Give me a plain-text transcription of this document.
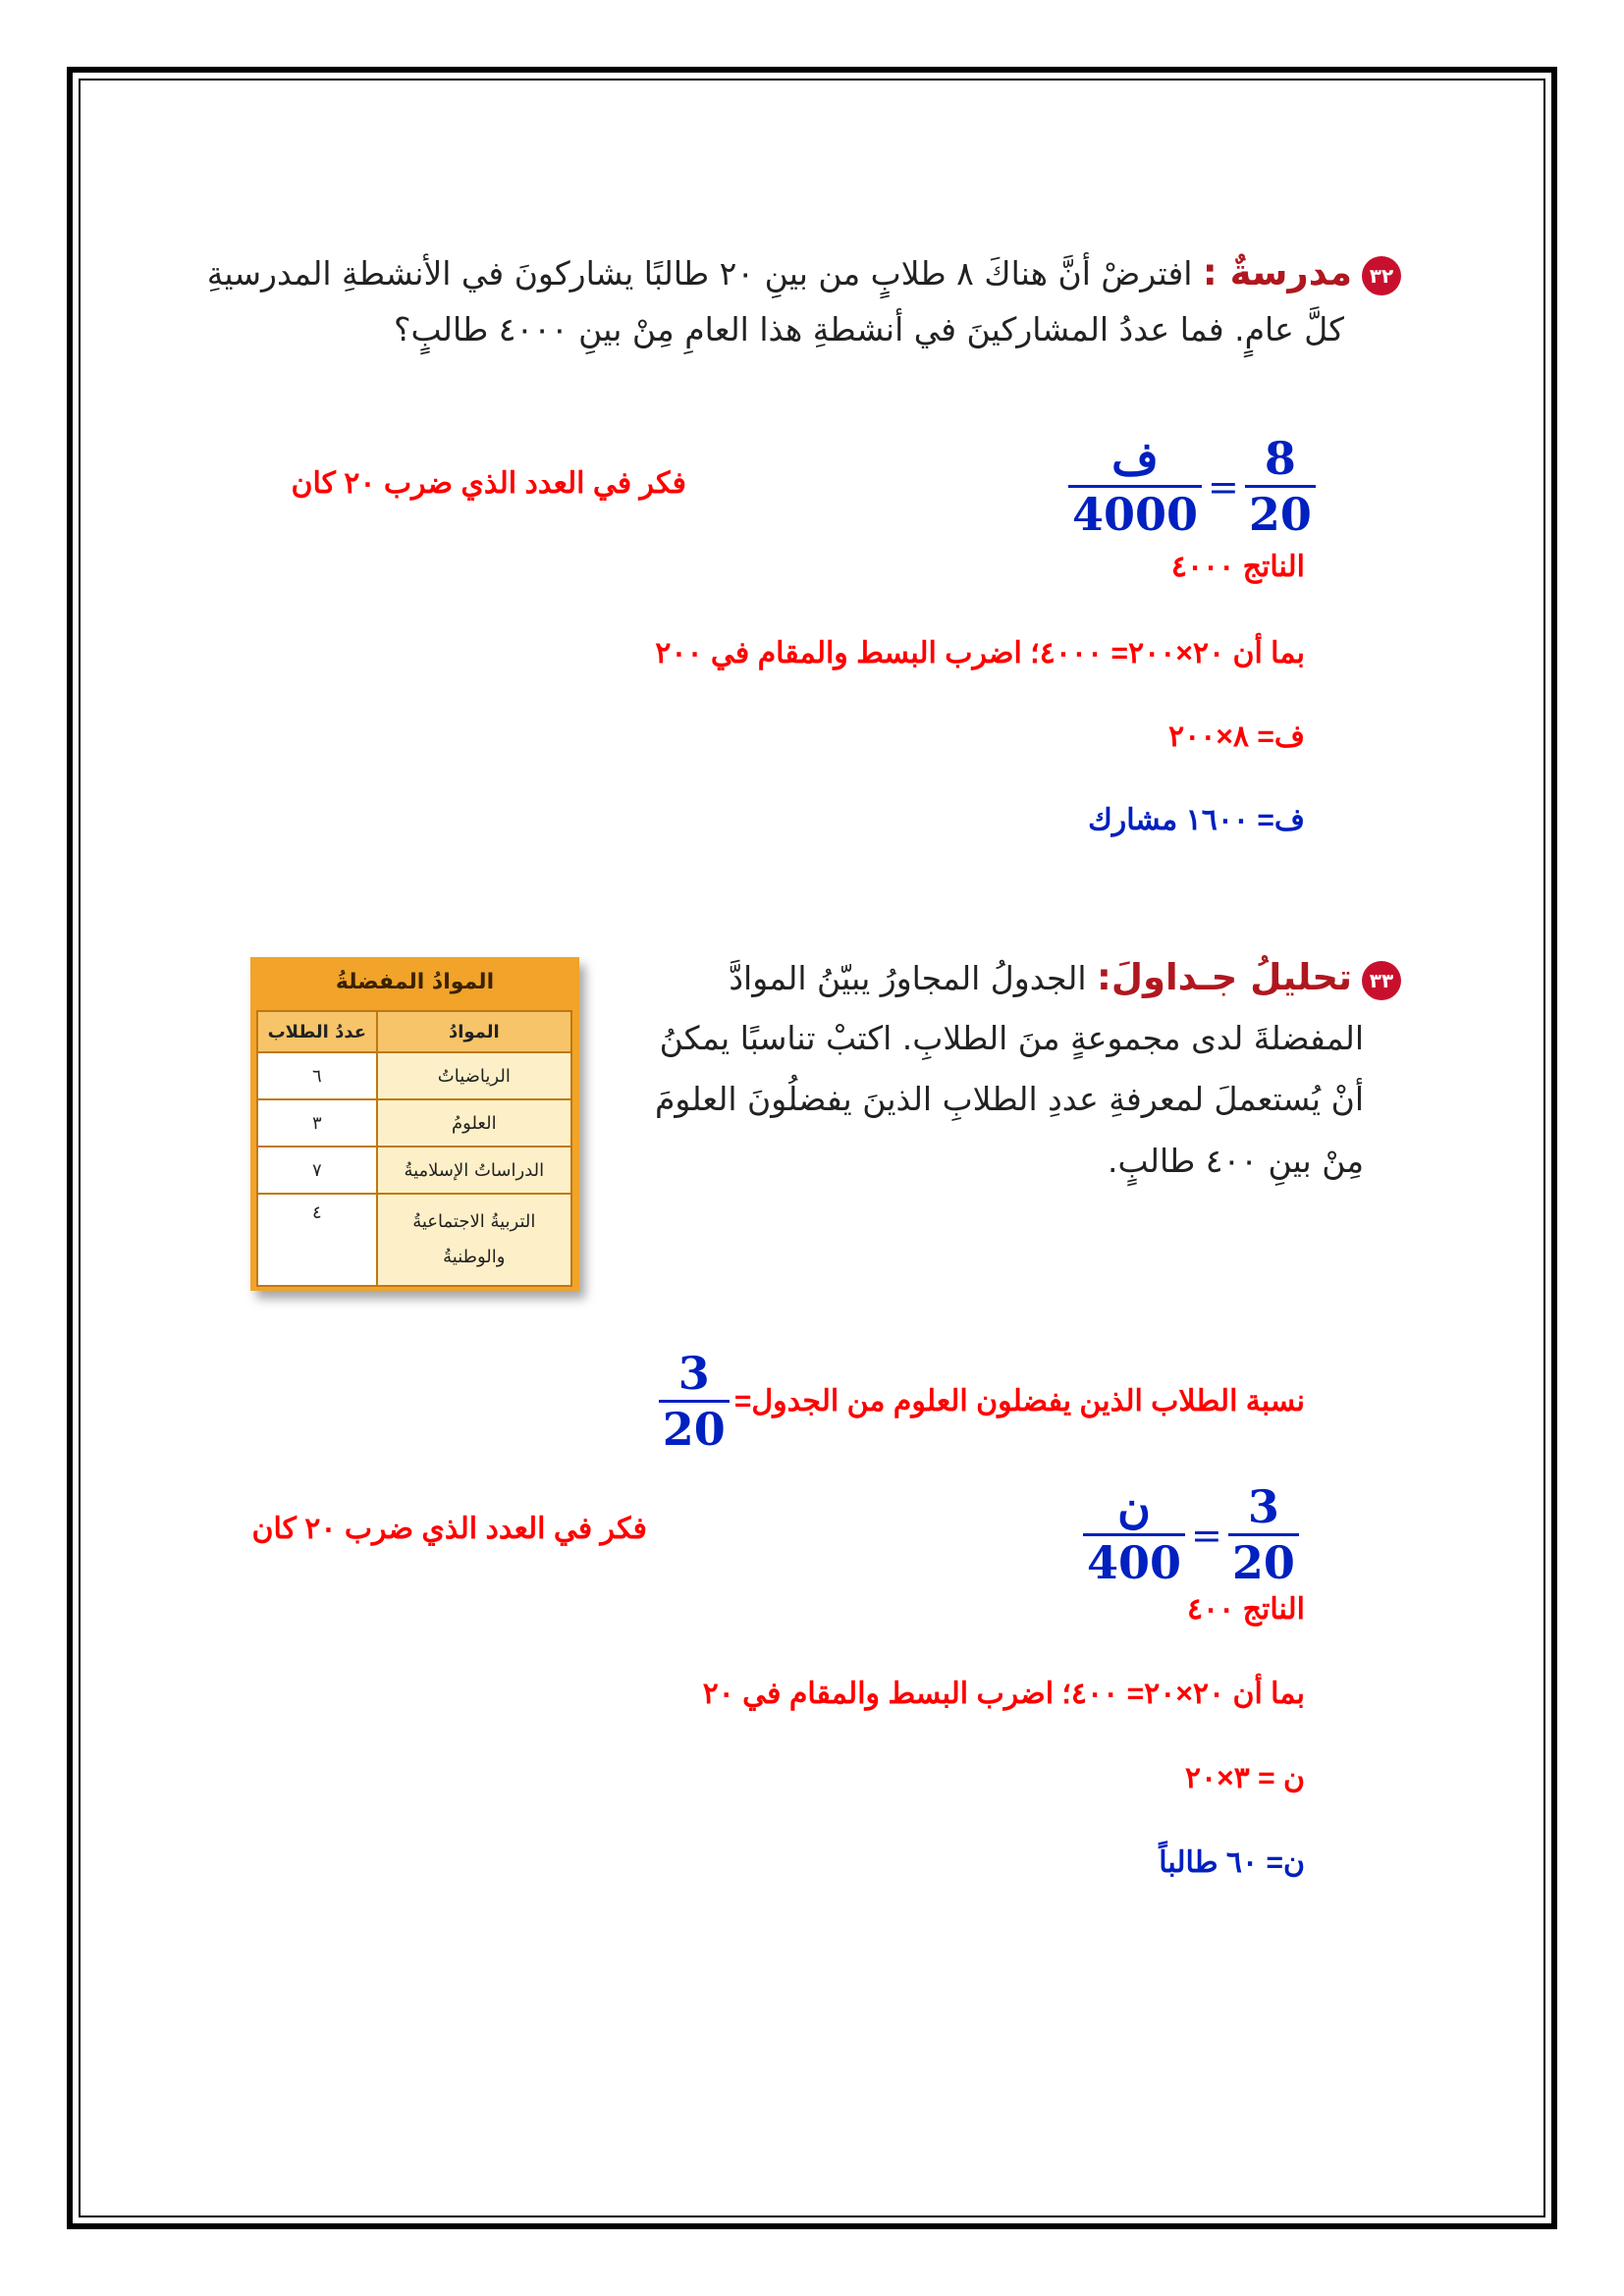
٣٢مدرسةٌ : افترضْ أنَّ هناكَ ٨ طلابٍ من بينِ ٢٠ طالبًا يشاركونَ في الأنشطةِ المدرسيةِ
كلَّ عامٍ. فما عددُ المشاركينَ في أنشطةِ هذا العامِ مِنْ بينِ ٤٠٠٠ طالبٍ؟
$\frac{\text{ف}}{4000} = \frac{8}{20}$
فكر في العدد الذي ضرب ٢٠ كان
الناتج ٤٠٠٠
بما أن ٢٠×٢٠٠= ٤٠٠٠؛ اضرب البسط والمقام في ٢٠٠
ف= ٨×٢٠٠
ف= ١٦٠٠ مشارك
٣٣تحليلُ جـداولَ: الجدولُ المجاورُ يبيّنُ الموادَّ
المفضلةَ لدى مجموعةٍ منَ الطلابِ. اكتبْ تناسبًا يمكنُ
أنْ يُستعملَ لمعرفةِ عددِ الطلابِ الذينَ يفضلُونَ العلومَ
مِنْ بينِ ٤٠٠ طالبٍ.
الموادُ المفضلةُ
الموادُ	عددُ الطلاب
الرياضياتُ	٦
العلومُ	٣
الدراساتُ الإسلاميةُ	٧
التربيةُ الاجتماعيةُ
والوطنيةُ	٤
نسبة الطلاب الذين يفضلون العلوم من الجدول=
$\frac{3}{20}$
$\frac{\text{ن}}{400} = \frac{3}{20}$
فكر في العدد الذي ضرب ٢٠ كان
الناتج ٤٠٠
بما أن ٢٠×٢٠= ٤٠٠؛ اضرب البسط والمقام في ٢٠
ن = ٣×٢٠
ن= ٦٠ طالباً
